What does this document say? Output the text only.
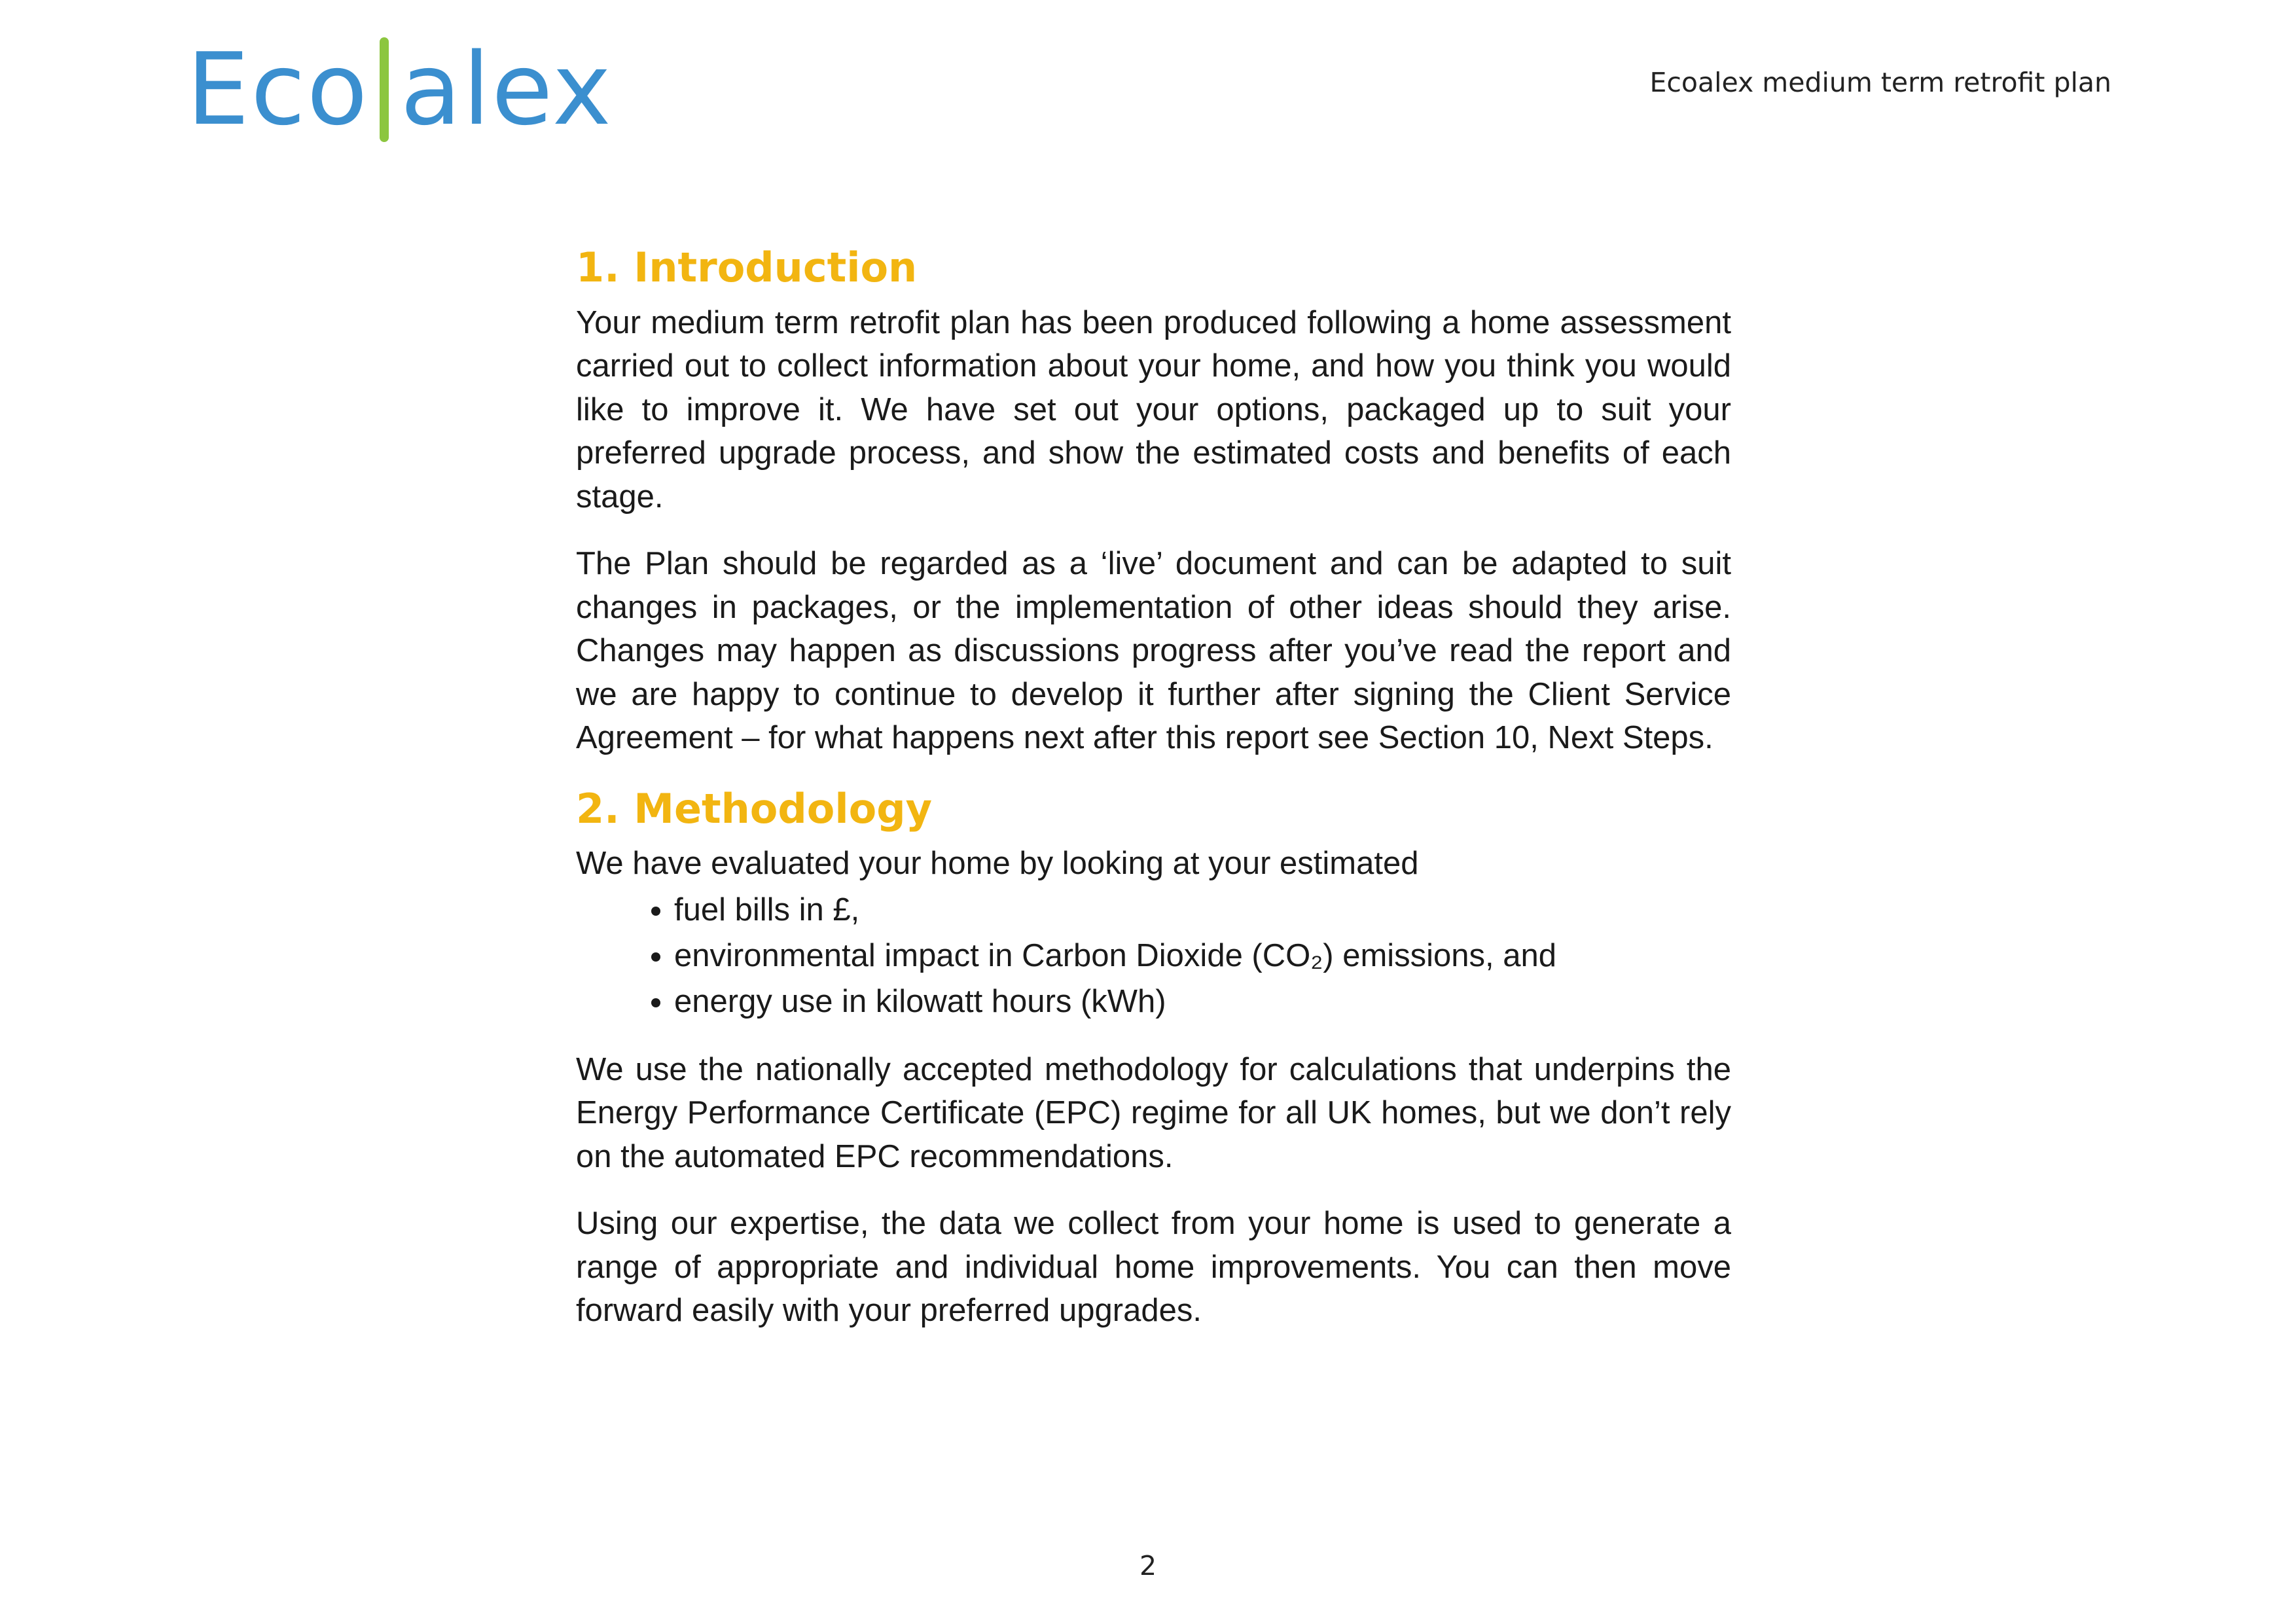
Eco alex	Ecoalex medium term retrofit plan
1. Introduction

Your medium term retrofit plan has been produced following a home assessment carried out to collect information about your home, and how you think you would like to improve it. We have set out your options, packaged up to suit your preferred upgrade process, and show the estimated costs and benefits of each stage.

The Plan should be regarded as a ‘live’ document and can be adapted to suit changes in packages, or the implementation of other ideas should they arise. Changes may happen as discussions progress after you’ve read the report and we are happy to continue to develop it further after signing the Client Service Agreement – for what happens next after this report see Section 10, Next Steps.

2. Methodology

We have evaluated your home by looking at your estimated

• fuel bills in £,
• environmental impact in Carbon Dioxide (CO₂) emissions, and
• energy use in kilowatt hours (kWh)

We use the nationally accepted methodology for calculations that underpins the Energy Performance Certificate (EPC) regime for all UK homes, but we don’t rely on the automated EPC recommendations.

Using our expertise, the data we collect from your home is used to generate a range of appropriate and individual home improvements. You can then move forward easily with your preferred upgrades.

2
